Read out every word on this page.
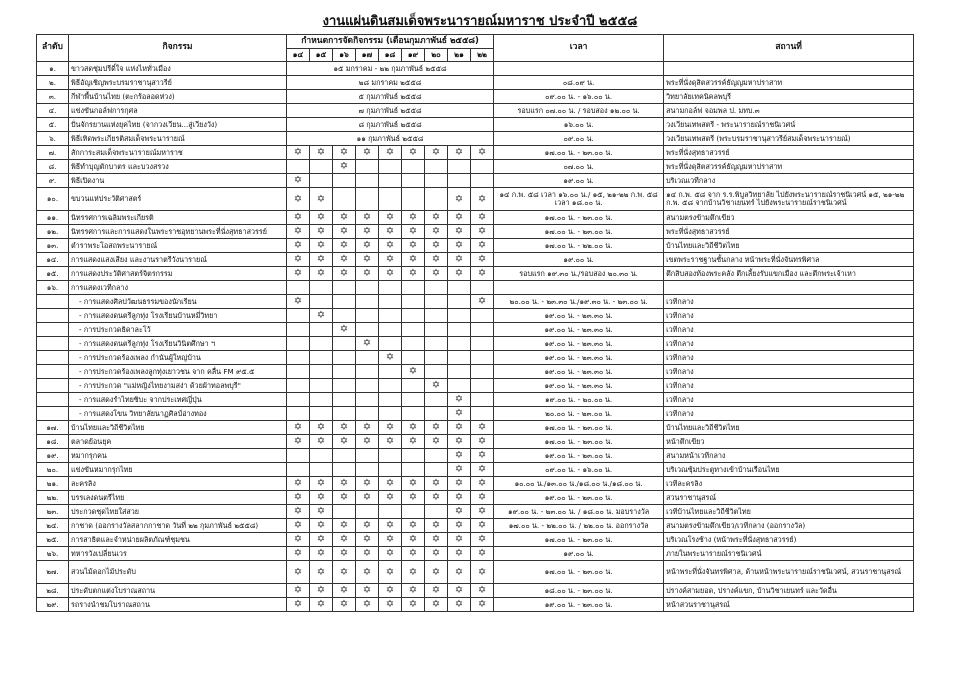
งานแผ่นดินสมเด็จพระนารายณ์มหาราช ประจำปี ๒๕๕๘
ลำดับ	กิจกรรม	กำหนดการจัดกิจกรรม (เดือนกุมภาพันธ์ ๒๕๕๘)									เวลา	สถานที่
		๑๔	๑๕	๑๖	๑๗	๑๘	๑๙	๒๐	๒๑	๒๒		
๑.	ขาวสดชุ่มปรีดิ์ใจ แห่งไหทั่วเมือง	๑๕ มกราคม - ๒๒ กุมภาพันธ์ ๒๕๕๘										
๒.	พิธีอัญเชิญพระบรมราชานุสาวรีย์	๒๘ มกราคม ๒๕๕๘									๐๘.๐๙ น.	พระที่นั่งดุสิตสวรรค์ธัญญมหาปราสาท
๓.	กีฬาพื้นบ้านไทย (ตะกร้อลอดห่วง)	๕ กุมภาพันธ์ ๒๕๕๘									๐๙.๐๐ น. - ๑๖.๐๐ น.	วิทยาลัยเทคนิคลพบุรี
๔.	แข่งขันกอล์ฟการกุศล	๗ กุมภาพันธ์ ๒๕๕๘									รอบแรก ๐๗.๐๐ น. / รอบสอง ๑๒.๐๐ น.	สนามกอล์ฟ จอมพล ป. มทบ.๓
๕.	ปั่นจักรยานแห่งยุคไทย (จากวงเวียน...สู่เวียงวัง)	๘ กุมภาพันธ์ ๒๕๕๘									๑๖.๐๐ น.	วงเวียนเทพสตรี - พระนารายณ์ราชนิเวศน์
๖.	พิธีเทิดพระเกียรติสมเด็จพระนารายณ์	๑๑ กุมภาพันธ์ ๒๕๕๘									๐๙.๐๐ น.	วงเวียนเทพสตรี (พระบรมราชานุสาวรีย์สมเด็จพระนารายณ์)
๗.	สักการะสมเด็จพระนารายณ์มหาราช	✡	✡	✡	✡	✡	✡	✡	✡	✡	๑๗.๐๐ น. - ๒๓.๐๐ น.	พระที่นั่งสุทธาสวรรย์
๘.	พิธีทำบุญตักบาตร และบวงสรวง			✡							๐๗.๐๐ น.	พระที่นั่งดุสิตสวรรค์ธัญญมหาปราสาท
๙.	พิธีเปิดงาน	✡									๑๙.๐๐ น.	บริเวณเวทีกลาง
๑๐.	ขบวนแห่ประวัติศาสตร์	✡	✡						✡	✡	๑๔ ก.พ. ๕๘ เวลา ๑๖.๐๐ น./ ๑๕, ๒๑-๒๒ ก.พ. ๕๘ เวลา ๑๘.๐๐ น.	๑๔ ก.พ. ๕๘ จาก ร.ร.พิบูลวิทยาลัย ไปยังพระนารายณ์ราชนิเวศน์ ๑๕, ๒๑-๒๒ ก.พ. ๕๘ จากบ้านวิชาเยนทร์ ไปยังพระนารายณ์ราชนิเวศน์
๑๑.	นิทรรศการเฉลิมพระเกียรติ	✡	✡	✡	✡	✡	✡	✡	✡	✡	๑๗.๐๐ น. - ๒๓.๐๐ น.	สนามตรงข้ามตึกเขียว
๑๒.	นิทรรศการและการแสดงในพระราชอุทยานพระที่นั่งสุทธาสวรรย์	✡	✡	✡	✡	✡	✡	✡	✡	✡	๑๗.๐๐ น. - ๒๓.๐๐ น.	พระที่นั่งสุทธาสวรรย์
๑๓.	ตำราพระโอสถพระนารายณ์	✡	✡	✡	✡	✡	✡	✡	✡	✡	๑๗.๐๐ น. - ๒๒.๐๐ น.	บ้านไทยและวิถีชีวิตไทย
๑๔.	การแสดงแสงเสียง และงานราตรีวังนารายณ์	✡	✡	✡	✡	✡	✡	✡	✡	✡	๑๙.๐๐ น.	เขตพระราชฐานชั้นกลาง หน้าพระที่นั่งจันทรพิศาล
๑๕.	การแสดงประวัติศาสตร์จิตรกรรม	✡	✡	✡	✡	✡	✡	✡	✡	✡	รอบแรก ๑๙.๓๐ น./รอบสอง ๒๐.๓๐ น.	ตึกสิบสองท้องพระคลัง ตึกเลี้ยงรับแขกเมือง และตึกพระเจ้าเหา
๑๖.	การแสดงเวทีกลาง											
	- การแสดงศิลปวัฒนธรรมของนักเรียน	✡								✡	๒๐.๐๐ น. - ๒๓.๓๐ น./๑๙.๓๐ น. - ๒๓.๐๐ น.	เวทีกลาง
	- การแสดงดนตรีลูกทุ่ง โรงเรียนบ้านหมี่วิทยา		✡								๑๙.๐๐ น. - ๒๓.๓๐ น.	เวทีกลาง
	- การประกวดธิดาละโว้			✡							๑๙.๐๐ น. - ๒๓.๓๐ น.	เวทีกลาง
	- การแสดงดนตรีลูกทุ่ง โรงเรียนวินิตศึกษา ฯ				✡						๑๙.๐๐ น. - ๒๓.๓๐ น.	เวทีกลาง
	- การประกวดร้องเพลง กำนันผู้ใหญ่บ้าน					✡					๑๙.๐๐ น. - ๒๓.๓๐ น.	เวทีกลาง
	- การประกวดร้องเพลงลูกทุ่งเยาวชน จาก คลื่น FM ๙๕.๕						✡				๑๙.๐๐ น. - ๒๓.๓๐ น.	เวทีกลาง
	- การประกวด "แม่หญิงไทยงามสง่า ด้วยผ้าทอลพบุรี"							✡			๑๙.๐๐ น. - ๒๓.๓๐ น.	เวทีกลาง
	- การแสดงรำไทยซิบะ จากประเทศญี่ปุ่น								✡		๑๙.๐๐ น. - ๒๐.๐๐ น.	เวทีกลาง
	- การแสดงโขน วิทยาลัยนาฏศิลป์อ่างทอง								✡		๒๐.๐๐ น. - ๒๓.๐๐ น.	เวทีกลาง
๑๗.	บ้านไทยและวิถีชีวิตไทย	✡	✡	✡	✡	✡	✡	✡	✡	✡	๑๗.๐๐ น. - ๒๓.๐๐ น.	บ้านไทยและวิถีชีวิตไทย
๑๘.	ตลาดย้อนยุค	✡	✡	✡	✡	✡	✡	✡	✡	✡	๑๗.๐๐ น. - ๒๓.๐๐ น.	หน้าตึกเขียว
๑๙.	หมากรุกคน								✡	✡	๑๙.๐๐ น. - ๒๓.๐๐ น.	สนามหน้าเวทีกลาง
๒๐.	แข่งขันหมากรุกไทย								✡	✡	๐๙.๐๐ น. - ๑๖.๐๐ น.	บริเวณซุ้มประตูทางเข้าบ้านเรือนไทย
๒๑.	ละครลิง	✡	✡	✡	✡	✡	✡	✡	✡	✡	๑๐.๐๐ น./๑๓.๐๐ น./๑๘.๐๐ น./๑๘.๐๐ น.	เวทีละครลิง
๒๒.	บรรเลงดนตรีไทย	✡	✡	✡	✡	✡	✡	✡	✡	✡	๑๙.๐๐ น. - ๒๓.๐๐ น.	สวนราชานุสรณ์
๒๓.	ประกวดชุดไทยใส่สวย	✡	✡						✡	✡	๑๙.๐๐ น. - ๒๓.๐๐ น. / ๑๘.๐๐ น. มอบรางวัล	เวทีบ้านไทยและวิถีชีวิตไทย
๒๔.	กาชาด (ออกรางวัลสลากกาชาด วันที่ ๒๒ กุมภาพันธ์ ๒๕๕๘)	✡	✡	✡	✡	✡	✡	✡	✡	✡	๑๗.๐๐ น. - ๒๒.๐๐ น. / ๒๒.๐๐ น. ออกรางวัล	สนามตรงข้ามตึกเขียว/เวทีกลาง (ออกรางวัล)
๒๕.	การสาธิตและจำหน่ายผลิตภัณฑ์ชุมชน	✡	✡	✡	✡	✡	✡	✡	✡	✡	๑๗.๐๐ น. - ๒๓.๐๐ น.	บริเวณโรงช้าง (หน้าพระที่นั่งสุทธาสวรรย์)
๒๖.	ทหารวังเปลี่ยนเวร	✡	✡	✡	✡	✡	✡	✡	✡	✡	๑๙.๐๐ น.	ภายในพระนารายณ์ราชนิเวศน์
๒๗.	สวนไม้ดอกไม้ประดับ	✡	✡	✡	✡	✡	✡	✡	✡	✡	๑๗.๐๐ น. - ๒๓.๐๐ น.	หน้าพระที่นั่งจันทรพิศาล, ด้านหน้าพระนารายณ์ราชนิเวศน์, สวนราชานุสรณ์
๒๘.	ประดับตกแต่งโบราณสถาน	✡	✡	✡	✡	✡	✡	✡	✡	✡	๑๘.๐๐ น. - ๒๓.๐๐ น.	ปรางค์สามยอด, ปรางค์แขก, บ้านวิชาเยนทร์ และวัดอื่น
๒๙.	รถรางนำชมโบราณสถาน	✡	✡	✡	✡	✡	✡	✡	✡	✡	๑๙.๐๐ น. - ๒๓.๐๐ น.	หน้าสวนราชานุสรณ์
